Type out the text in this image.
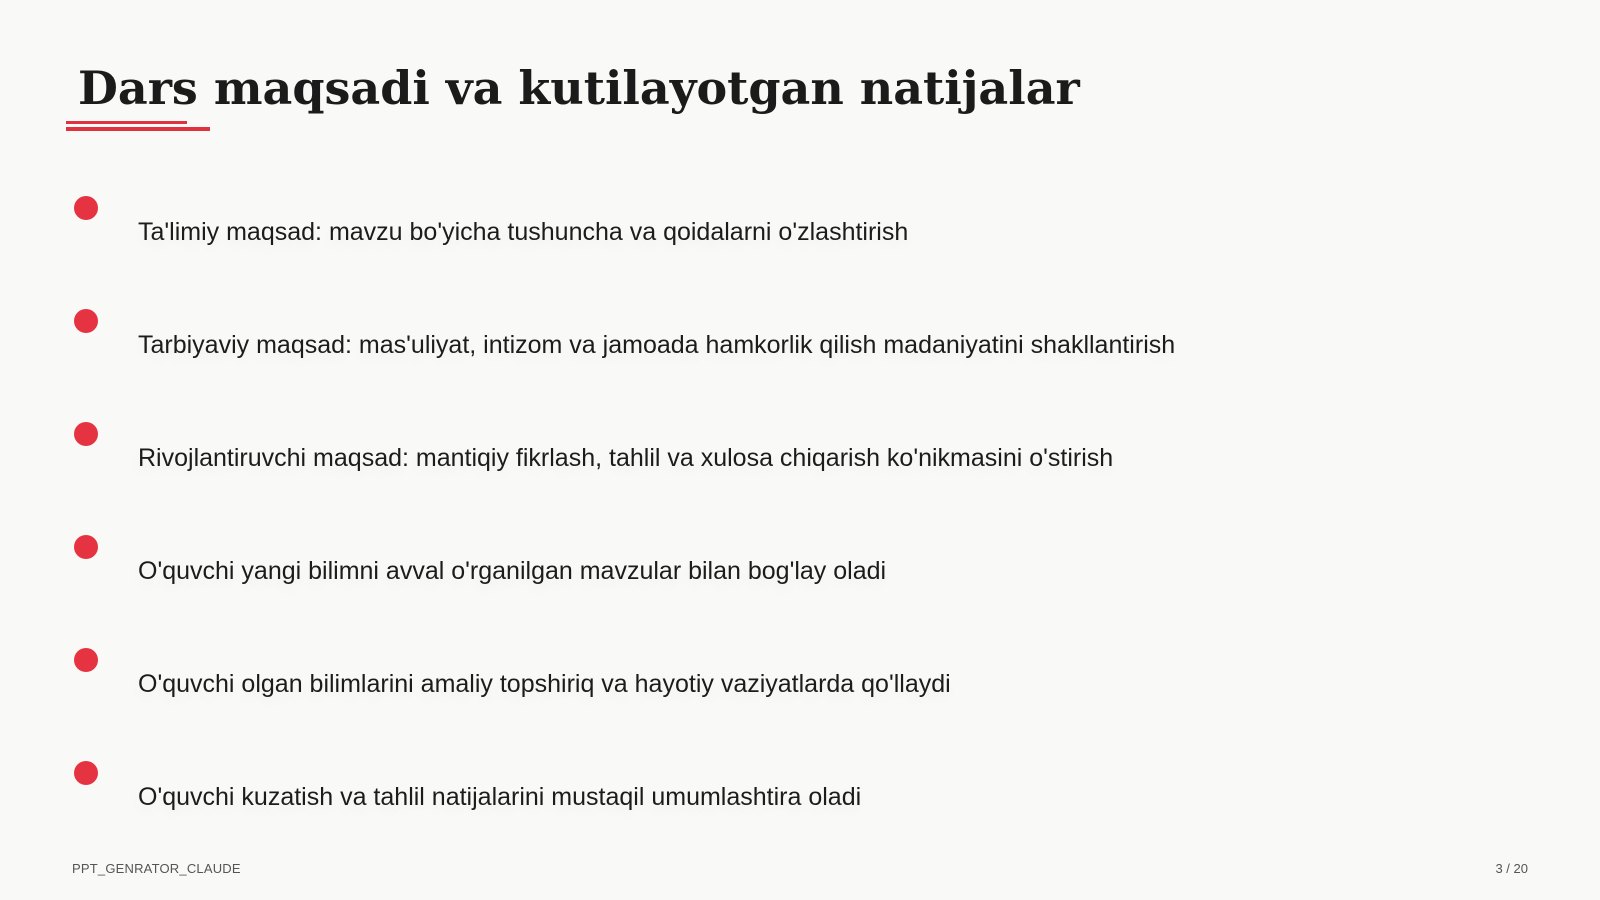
Dars maqsadi va kutilayotgan natijalar
Ta'limiy maqsad: mavzu bo'yicha tushuncha va qoidalarni o'zlashtirish
Tarbiyaviy maqsad: mas'uliyat, intizom va jamoada hamkorlik qilish madaniyatini shakllantirish
Rivojlantiruvchi maqsad: mantiqiy fikrlash, tahlil va xulosa chiqarish ko'nikmasini o'stirish
O'quvchi yangi bilimni avval o'rganilgan mavzular bilan bog'lay oladi
O'quvchi olgan bilimlarini amaliy topshiriq va hayotiy vaziyatlarda qo'llaydi
O'quvchi kuzatish va tahlil natijalarini mustaqil umumlashtira oladi
PPT_GENRATOR_CLAUDE	3 / 20
